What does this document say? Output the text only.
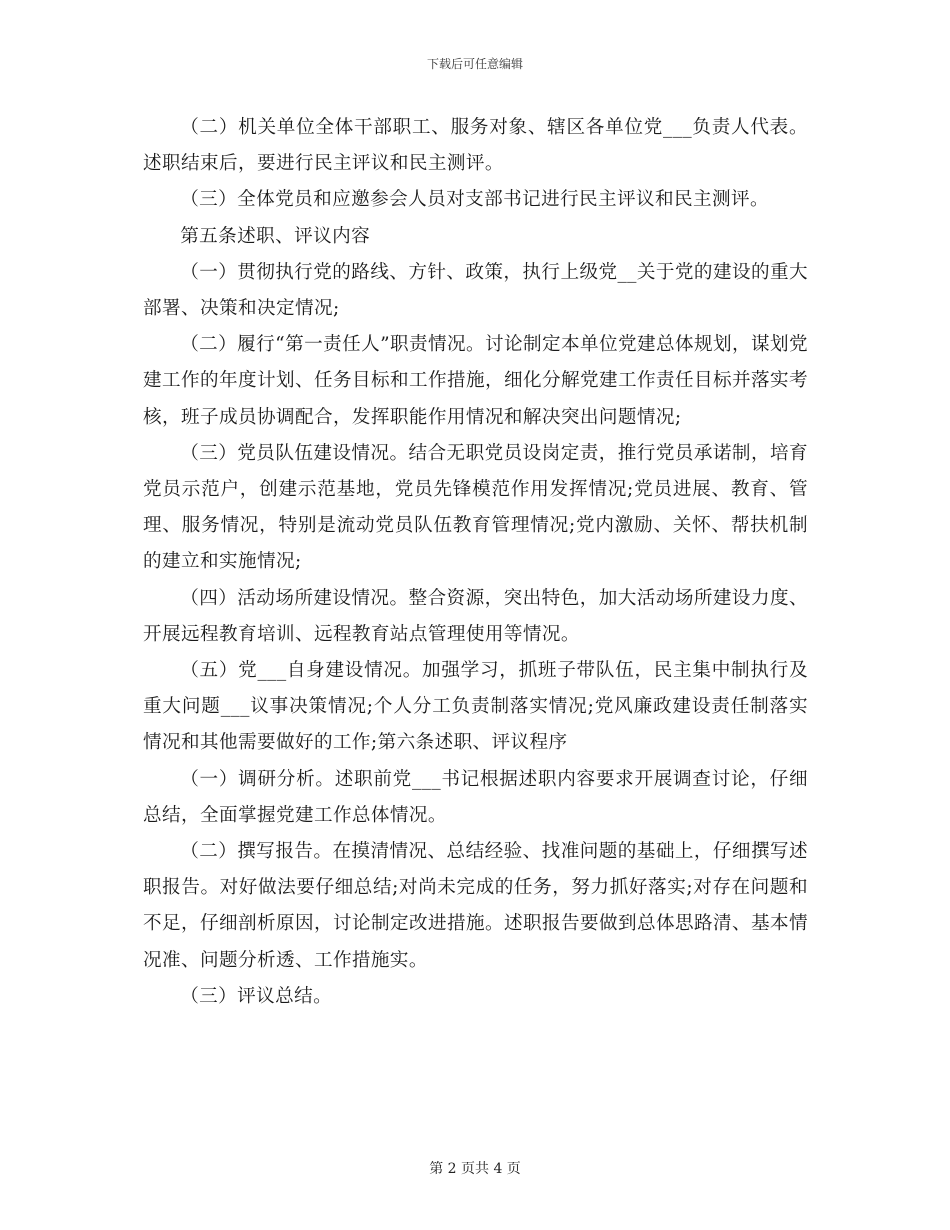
下载后可任意编辑

（二）机关单位全体干部职工、服务对象、辖区各单位党___负责人代表。述职结束后，要进行民主评议和民主测评。

（三）全体党员和应邀参会人员对支部书记进行民主评议和民主测评。

第五条述职、评议内容

（一）贯彻执行党的路线、方针、政策，执行上级党__关于党的建设的重大部署、决策和决定情况;

（二）履行“第一责任人”职责情况。讨论制定本单位党建总体规划，谋划党建工作的年度计划、任务目标和工作措施，细化分解党建工作责任目标并落实考核，班子成员协调配合，发挥职能作用情况和解决突出问题情况;

（三）党员队伍建设情况。结合无职党员设岗定责，推行党员承诺制，培育党员示范户，创建示范基地，党员先锋模范作用发挥情况;党员进展、教育、管理、服务情况，特别是流动党员队伍教育管理情况;党内激励、关怀、帮扶机制的建立和实施情况;

（四）活动场所建设情况。整合资源，突出特色，加大活动场所建设力度、开展远程教育培训、远程教育站点管理使用等情况。

（五）党___自身建设情况。加强学习，抓班子带队伍，民主集中制执行及重大问题___议事决策情况;个人分工负责制落实情况;党风廉政建设责任制落实情况和其他需要做好的工作;第六条述职、评议程序

（一）调研分析。述职前党___书记根据述职内容要求开展调查讨论，仔细总结，全面掌握党建工作总体情况。

（二）撰写报告。在摸清情况、总结经验、找准问题的基础上，仔细撰写述职报告。对好做法要仔细总结;对尚未完成的任务，努力抓好落实;对存在问题和不足，仔细剖析原因，讨论制定改进措施。述职报告要做到总体思路清、基本情况准、问题分析透、工作措施实。

（三）评议总结。

第 2 页共 4 页
